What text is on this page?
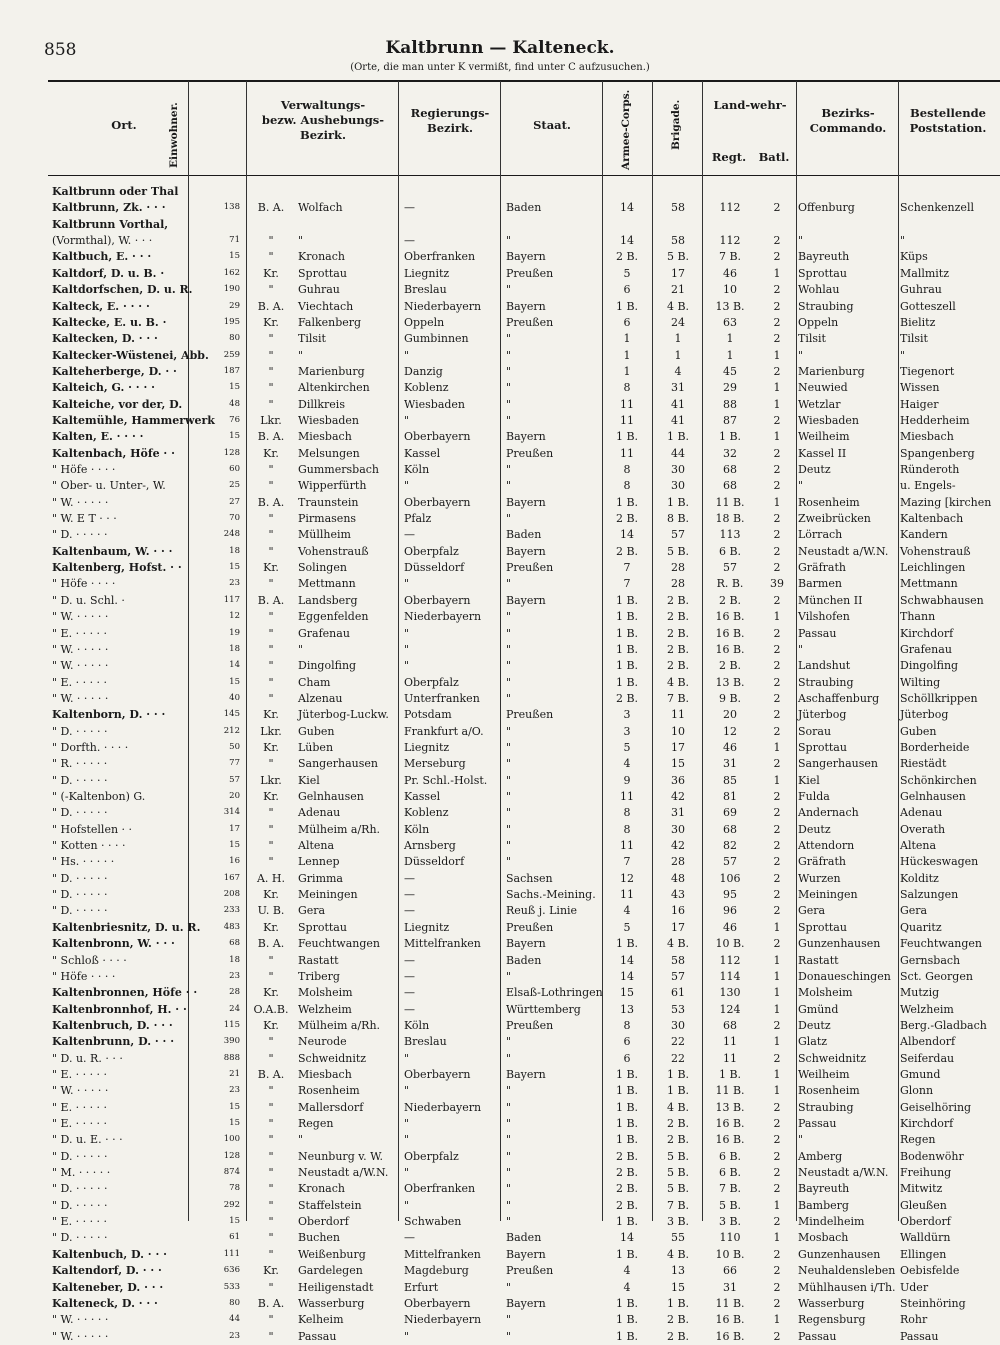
858	Kaltbrunn — Kalteneck.
(Orte, die man unter K vermißt, find unter C aufzusuchen.)
Ort.	Einwohner.	Verwaltungs-
bezw. Aushebungs-
Bezirk.
Regierungs-
Bezirk.	Staat.	Armee-Corps.	Brigade.	Land-wehr-
Regt.	Batl.
Bezirks-
Commando.
Bestellende
Poststation.
Kaltbrunn oder Thal
Kaltbrunn, Zk. · · ·	138	B. A.	Wolfach	—	Baden	14	58	112	2	Offenburg	Schenkenzell
Kaltbrunn Vorthal,
(Vormthal), W. · · ·	71	"	"	—	"	14	58	112	2	"	"
Kaltbuch, E. · · ·	15	"	Kronach	Oberfranken	Bayern	2 B.	5 B.	7 B.	2	Bayreuth	Küps
Kaltdorf, D. u. B. ·	162	Kr.	Sprottau	Liegnitz	Preußen	5	17	46	1	Sprottau	Mallmitz
Kaltdorfschen, D. u. R.	190	"	Guhrau	Breslau	"	6	21	10	2	Wohlau	Guhrau
Kalteck, E. · · · ·	29	B. A.	Viechtach	Niederbayern	Bayern	1 B.	4 B.	13 B.	2	Straubing	Gotteszell
Kaltecke, E. u. B. ·	195	Kr.	Falkenberg	Oppeln	Preußen	6	24	63	2	Oppeln	Bielitz
Kaltecken, D. · · ·	80	"	Tilsit	Gumbinnen	"	1	1	1	2	Tilsit	Tilsit
Kaltecker-Wüstenei, Abb.	259	"	"	"	"	1	1	1	1	"	"
Kalteherberge, D. · ·	187	"	Marienburg	Danzig	"	1	4	45	2	Marienburg	Tiegenort
Kalteich, G. · · · ·	15	"	Altenkirchen	Koblenz	"	8	31	29	1	Neuwied	Wissen
Kalteiche, vor der, D.	48	"	Dillkreis	Wiesbaden	"	11	41	88	1	Wetzlar	Haiger
Kaltemühle, Hammerwerk	76	Lkr.	Wiesbaden	"	"	11	41	87	2	Wiesbaden	Hedderheim
Kalten, E. · · · ·	15	B. A.	Miesbach	Oberbayern	Bayern	1 B.	1 B.	1 B.	1	Weilheim	Miesbach
Kaltenbach, Höfe · ·	128	Kr.	Melsungen	Kassel	Preußen	11	44	32	2	Kassel II	Spangenberg
" Höfe · · · ·	60	"	Gummersbach	Köln	"	8	30	68	2	Deutz	Ründeroth
" Ober- u. Unter-, W.	25	"	Wipperfürth	"	"	8	30	68	2	"	u. Engels-
" W. · · · · ·	27	B. A.	Traunstein	Oberbayern	Bayern	1 B.	1 B.	11 B.	1	Rosenheim	Mazing [kirchen
" W. E T · · ·	70	"	Pirmasens	Pfalz	"	2 B.	8 B.	18 B.	2	Zweibrücken	Kaltenbach
" D. · · · · ·	248	"	Müllheim	—	Baden	14	57	113	2	Lörrach	Kandern
Kaltenbaum, W. · · ·	18	"	Vohenstrauß	Oberpfalz	Bayern	2 B.	5 B.	6 B.	2	Neustadt a/W.N.	Vohenstrauß
Kaltenberg, Hofst. · ·	15	Kr.	Solingen	Düsseldorf	Preußen	7	28	57	2	Gräfrath	Leichlingen
" Höfe · · · ·	23	"	Mettmann	"	"	7	28	R. B.	39	Barmen	Mettmann
" D. u. Schl. ·	117	B. A.	Landsberg	Oberbayern	Bayern	1 B.	2 B.	2 B.	2	München II	Schwabhausen
" W. · · · · ·	12	"	Eggenfelden	Niederbayern	"	1 B.	2 B.	16 B.	1	Vilshofen	Thann
" E. · · · · ·	19	"	Grafenau	"	"	1 B.	2 B.	16 B.	2	Passau	Kirchdorf
" W. · · · · ·	18	"	"	"	"	1 B.	2 B.	16 B.	2	"	Grafenau
" W. · · · · ·	14	"	Dingolfing	"	"	1 B.	2 B.	2 B.	2	Landshut	Dingolfing
" E. · · · · ·	15	"	Cham	Oberpfalz	"	1 B.	4 B.	13 B.	2	Straubing	Wilting
" W. · · · · ·	40	"	Alzenau	Unterfranken	"	2 B.	7 B.	9 B.	2	Aschaffenburg	Schöllkrippen
Kaltenborn, D. · · ·	145	Kr.	Jüterbog-Luckw.	Potsdam	Preußen	3	11	20	2	Jüterbog	Jüterbog
" D. · · · · ·	212	Lkr.	Guben	Frankfurt a/O.	"	3	10	12	2	Sorau	Guben
" Dorfth. · · · ·	50	Kr.	Lüben	Liegnitz	"	5	17	46	1	Sprottau	Borderheide
" R. · · · · ·	77	"	Sangerhausen	Merseburg	"	4	15	31	2	Sangerhausen	Riestädt
" D. · · · · ·	57	Lkr.	Kiel	Pr. Schl.-Holst.	"	9	36	85	1	Kiel	Schönkirchen
" (-Kaltenbon) G.	20	Kr.	Gelnhausen	Kassel	"	11	42	81	2	Fulda	Gelnhausen
" D. · · · · ·	314	"	Adenau	Koblenz	"	8	31	69	2	Andernach	Adenau
" Hofstellen · ·	17	"	Mülheim a/Rh.	Köln	"	8	30	68	2	Deutz	Overath
" Kotten · · · ·	15	"	Altena	Arnsberg	"	11	42	82	2	Attendorn	Altena
" Hs. · · · · ·	16	"	Lennep	Düsseldorf	"	7	28	57	2	Gräfrath	Hückeswagen
" D. · · · · ·	167	A. H.	Grimma	—	Sachsen	12	48	106	2	Wurzen	Kolditz
" D. · · · · ·	208	Kr.	Meiningen	—	Sachs.-Meining.	11	43	95	2	Meiningen	Salzungen
" D. · · · · ·	233	U. B.	Gera	—	Reuß j. Linie	4	16	96	2	Gera	Gera
Kaltenbriesnitz, D. u. R.	483	Kr.	Sprottau	Liegnitz	Preußen	5	17	46	1	Sprottau	Quaritz
Kaltenbronn, W. · · ·	68	B. A.	Feuchtwangen	Mittelfranken	Bayern	1 B.	4 B.	10 B.	2	Gunzenhausen	Feuchtwangen
" Schloß · · · ·	18	"	Rastatt	—	Baden	14	58	112	1	Rastatt	Gernsbach
" Höfe · · · ·	23	"	Triberg	—	"	14	57	114	1	Donaueschingen Sct. Georgen
Kaltenbronnen, Höfe · ·	28	Kr.	Molsheim	—	Elsaß-Lothringen	15	61	130	1	Molsheim	Mutzig
Kaltenbronnhof, H. · ·	24	O.A.B. Welzheim	—	Württemberg	13	53	124	1	Gmünd	Welzheim
Kaltenbruch, D. · · ·	115	Kr.	Mülheim a/Rh.	Köln	Preußen	8	30	68	2	Deutz	Berg.-Gladbach
Kaltenbrunn, D. · · ·	390	"	Neurode	Breslau	"	6	22	11	1	Glatz	Albendorf
" D. u. R. · · ·	888	"	Schweidnitz	"	"	6	22	11	2	Schweidnitz	Seiferdau
" E. · · · · ·	21	B. A.	Miesbach	Oberbayern	Bayern	1 B.	1 B.	1 B.	1	Weilheim	Gmund
" W. · · · · ·	23	"	Rosenheim	"	"	1 B.	1 B.	11 B.	1	Rosenheim	Glonn
" E. · · · · ·	15	"	Mallersdorf	Niederbayern	"	1 B.	4 B.	13 B.	2	Straubing	Geiselhöring
" E. · · · · ·	15	"	Regen	"	"	1 B.	2 B.	16 B.	2	Passau	Kirchdorf
" D. u. E. · · ·	100	"	"	"	"	1 B.	2 B.	16 B.	2	"	Regen
" D. · · · · ·	128	"	Neunburg v. W.	Oberpfalz	"	2 B.	5 B.	6 B.	2	Amberg	Bodenwöhr
" M. · · · · ·	874	"	Neustadt a/W.N.	"	"	2 B.	5 B.	6 B.	2	Neustadt a/W.N.	Freihung
" D. · · · · ·	78	"	Kronach	Oberfranken	"	2 B.	5 B.	7 B.	2	Bayreuth	Mitwitz
" D. · · · · ·	292	"	Staffelstein	"	"	2 B.	7 B.	5 B.	1	Bamberg	Gleußen
" E. · · · · ·	15	"	Oberdorf	Schwaben	"	1 B.	3 B.	3 B.	2	Mindelheim	Oberdorf
" D. · · · · ·	61	"	Buchen	—	Baden	14	55	110	1	Mosbach	Walldürn
Kaltenbuch, D. · · ·	111	"	Weißenburg	Mittelfranken	Bayern	1 B.	4 B.	10 B.	2	Gunzenhausen	Ellingen
Kaltendorf, D. · · ·	636	Kr.	Gardelegen	Magdeburg	Preußen	4	13	66	2	Neuhaldensleben Oebisfelde
Kalteneber, D. · · ·	533	"	Heiligenstadt	Erfurt	"	4	15	31	2	Mühlhausen i/Th. Uder
Kalteneck, D. · · ·	80	B. A.	Wasserburg	Oberbayern	Bayern	1 B.	1 B.	11 B.	2	Wasserburg	Steinhöring
" W. · · · · ·	44	"	Kelheim	Niederbayern	"	1 B.	2 B.	16 B.	1	Regensburg	Rohr
" W. · · · · ·	23	"	Passau	"	"	1 B.	2 B.	16 B.	2	Passau	Passau
